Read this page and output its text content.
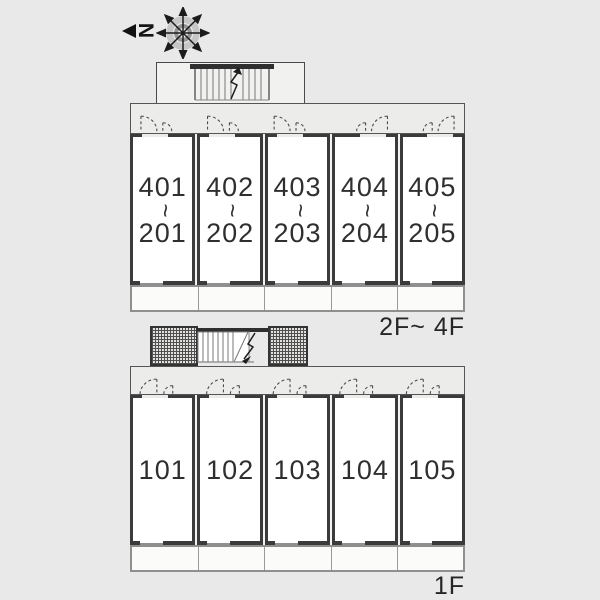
N
401
~
201
402
~
202
403
~
203
404
~
204
405
~
205
2F~ 4F
101 102 103 104 105
1F
